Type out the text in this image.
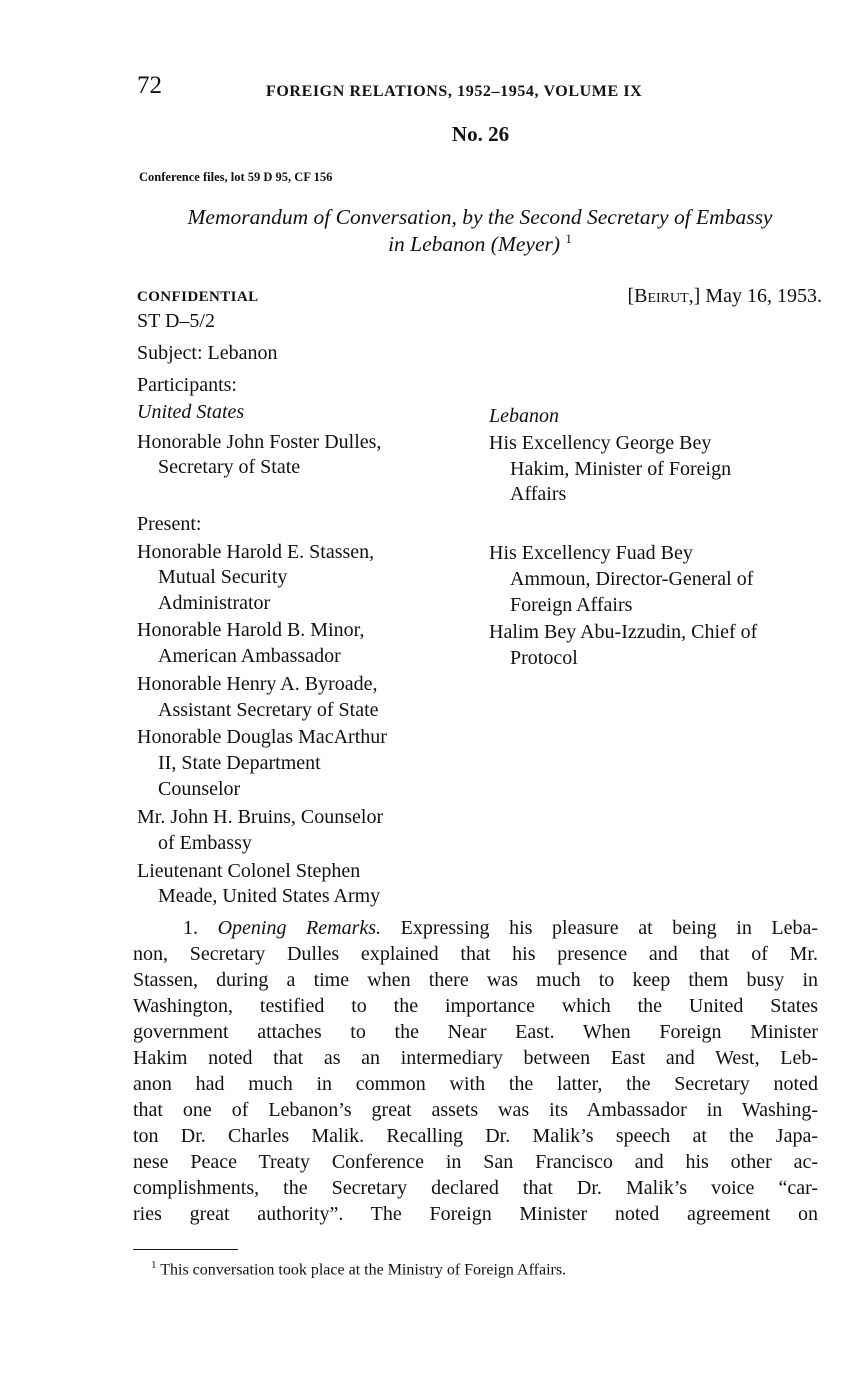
72	FOREIGN RELATIONS, 1952–1954, VOLUME IX
No. 26
Conference files, lot 59 D 95, CF 156
Memorandum of Conversation, by the Second Secretary of Embassy
in Lebanon (Meyer) $^1$
CONFIDENTIAL	[Beirut,] May 16, 1953.
ST D–5/2
Subject: Lebanon
Participants:
United States
Honorable John Foster Dulles,
Secretary of State
Present:
Honorable Harold E. Stassen,
Mutual Security
Administrator
Honorable Harold B. Minor,
American Ambassador
Honorable Henry A. Byroade,
Assistant Secretary of State
Honorable Douglas MacArthur
II, State Department
Counselor
Mr. John H. Bruins, Counselor
of Embassy
Lieutenant Colonel Stephen
Meade, United States Army
Lebanon
His Excellency George Bey
Hakim, Minister of Foreign
Affairs
His Excellency Fuad Bey
Ammoun, Director-General of
Foreign Affairs
Halim Bey Abu-Izzudin, Chief of
Protocol
1. Opening Remarks. Expressing his pleasure at being in Leba-
non, Secretary Dulles explained that his presence and that of Mr.
Stassen, during a time when there was much to keep them busy in
Washington, testified to the importance which the United States
government attaches to the Near East. When Foreign Minister
Hakim noted that as an intermediary between East and West, Leb-
anon had much in common with the latter, the Secretary noted
that one of Lebanon’s great assets was its Ambassador in Washing-
ton Dr. Charles Malik. Recalling Dr. Malik’s speech at the Japa-
nese Peace Treaty Conference in San Francisco and his other ac-
complishments, the Secretary declared that Dr. Malik’s voice “car-
ries great authority”. The Foreign Minister noted agreement on
$^1$ This conversation took place at the Ministry of Foreign Affairs.
